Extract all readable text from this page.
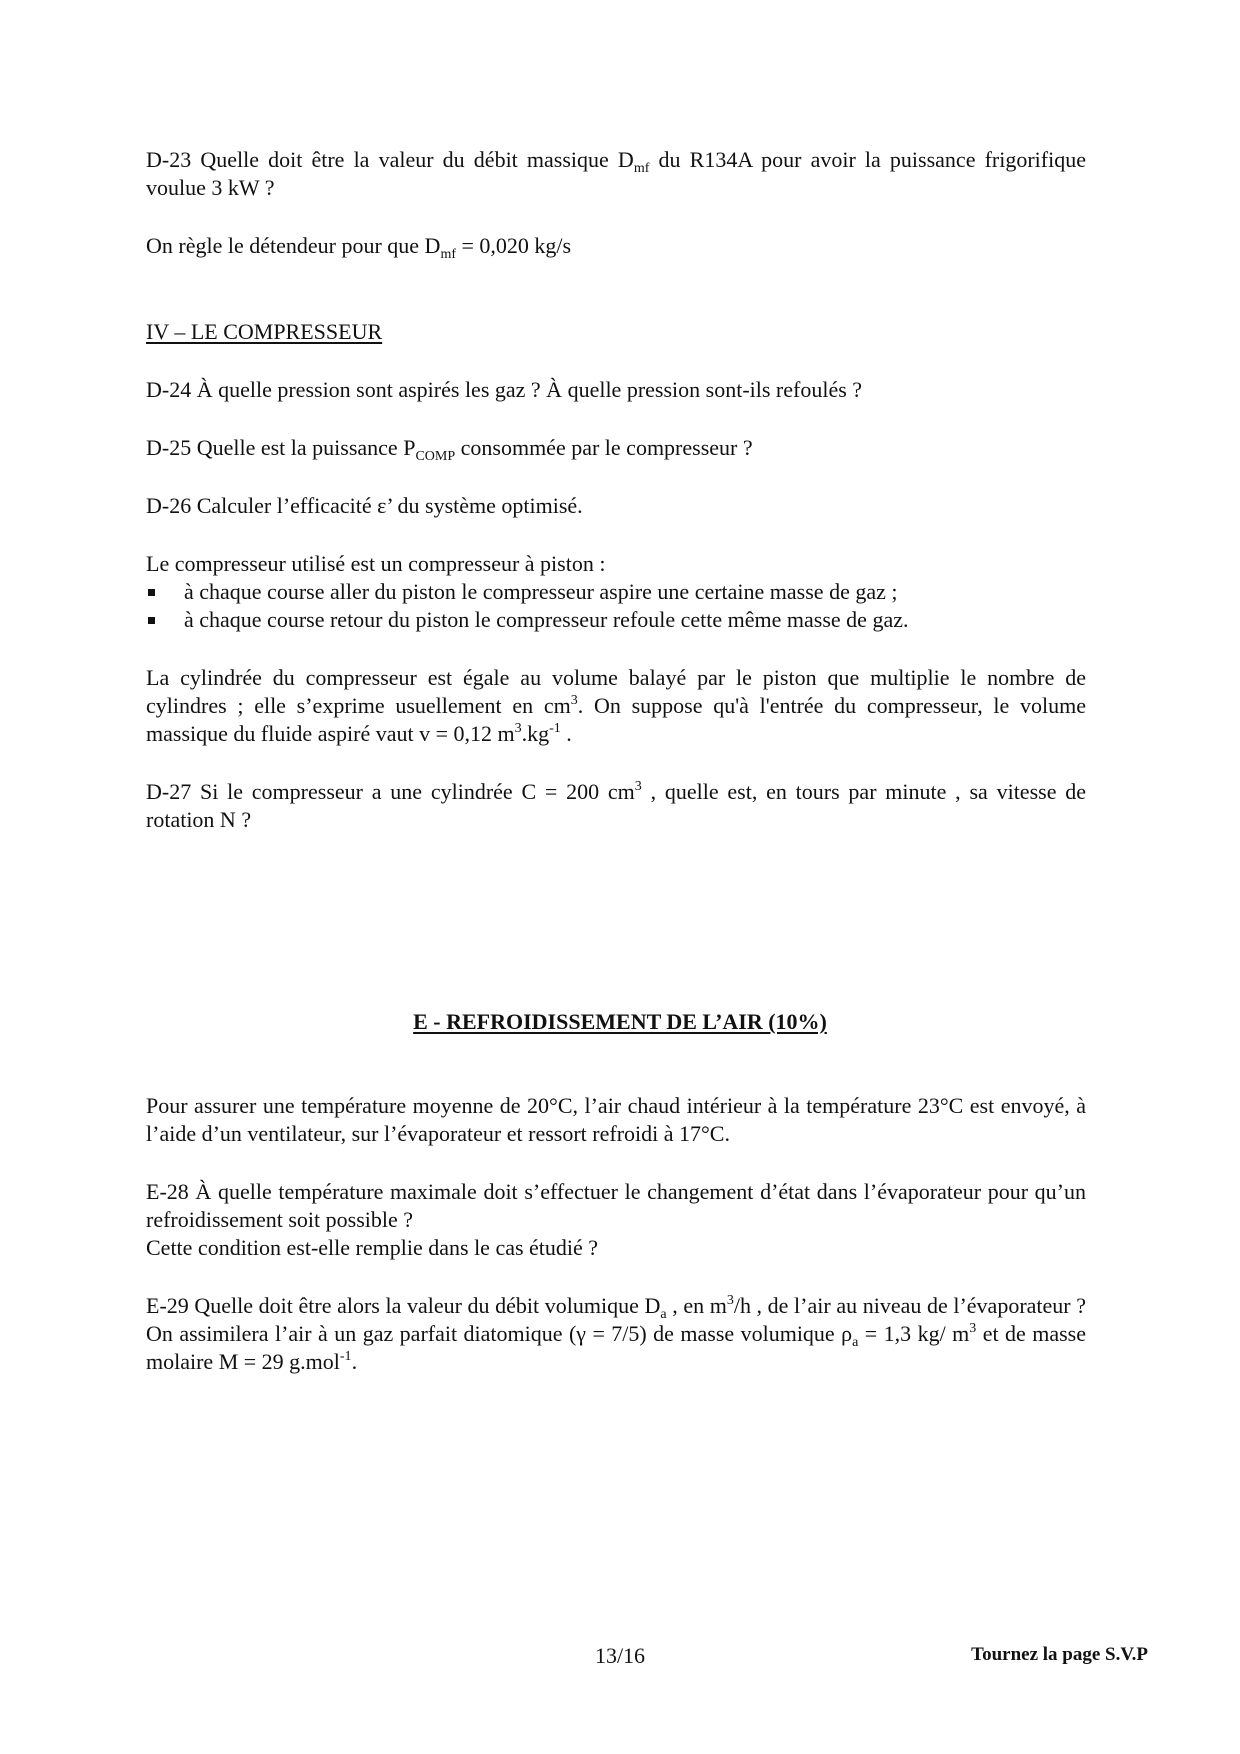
D-23 Quelle doit être la valeur du débit massique $D_{mf}$ du R134A pour avoir la puissance frigorifique voulue 3 kW ?

On règle le détendeur pour que $D_{mf} = 0,020$ kg/s

IV – LE COMPRESSEUR

D-24 À quelle pression sont aspirés les gaz ? À quelle pression sont-ils refoulés ?

D-25 Quelle est la puissance $P_{COMP}$ consommée par le compresseur ?

D-26 Calculer l’efficacité ε’ du système optimisé.

Le compresseur utilisé est un compresseur à piston :
à chaque course aller du piston le compresseur aspire une certaine masse de gaz ;
à chaque course retour du piston le compresseur refoule cette même masse de gaz.

La cylindrée du compresseur est égale au volume balayé par le piston que multiplie le nombre de cylindres ; elle s’exprime usuellement en $cm^3$. On suppose qu'à l'entrée du compresseur, le volume massique du fluide aspiré vaut v = 0,12 $m^3.kg^{-1}$ .

D-27 Si le compresseur a une cylindrée C = 200 $cm^3$ , quelle est, en tours par minute , sa vitesse de rotation N ?

E - REFROIDISSEMENT DE L’AIR (10%)

Pour assurer une température moyenne de 20°C, l’air chaud intérieur à la température 23°C est envoyé, à l’aide d’un ventilateur, sur l’évaporateur et ressort refroidi à 17°C.

E-28 À quelle température maximale doit s’effectuer le changement d’état dans l’évaporateur pour qu’un refroidissement soit possible ?
Cette condition est-elle remplie dans le cas étudié ?

E-29 Quelle doit être alors la valeur du débit volumique $D_a$ , en $m^3/h$ , de l’air au niveau de l’évaporateur ? On assimilera l’air à un gaz parfait diatomique (γ = 7/5) de masse volumique $\rho_a = 1,3$ kg/ $m^3$ et de masse molaire M = 29 g.mol$^{-1}$.

13/16	Tournez la page S.V.P
